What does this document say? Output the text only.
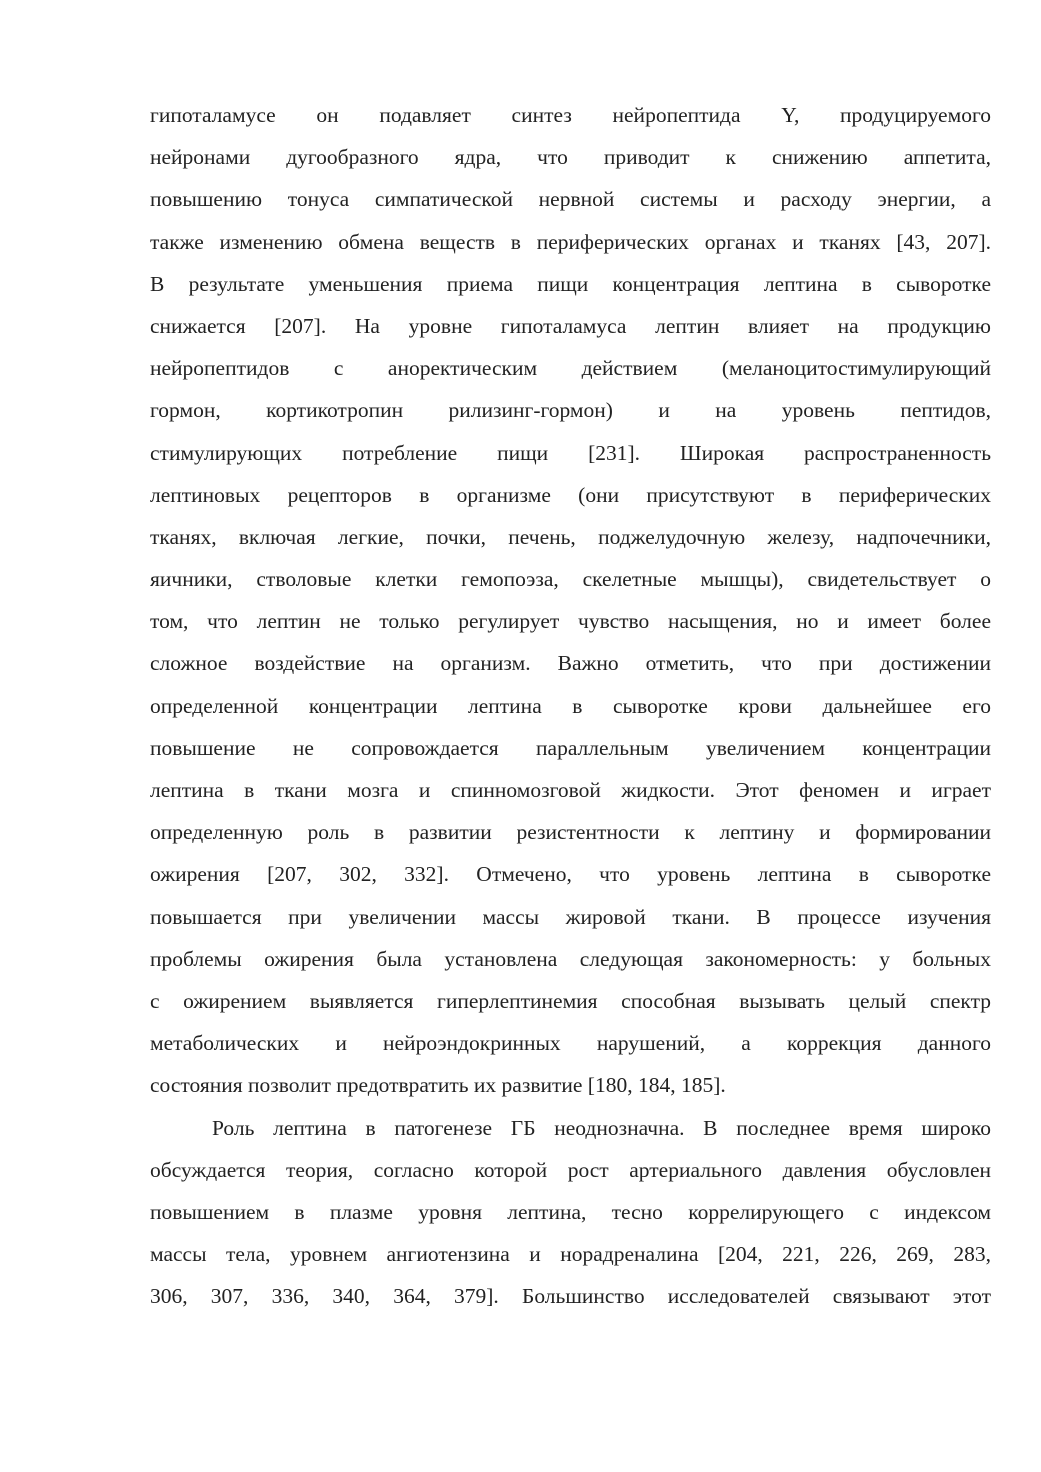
гипоталамусе он подавляет синтез нейропептида Y, продуцируемого
нейронами дугообразного ядра, что приводит к снижению аппетита,
повышению тонуса симпатической нервной системы и расходу энергии, а
также изменению обмена веществ в периферических органах и тканях [43, 207].
В результате уменьшения приема пищи концентрация лептина в сыворотке
снижается [207]. На уровне гипоталамуса лептин влияет на продукцию
нейропептидов с аноректическим действием (меланоцитостимулирующий
гормон, кортикотропин рилизинг-гормон) и на уровень пептидов,
стимулирующих потребление пищи [231]. Широкая распространенность
лептиновых рецепторов в организме (они присутствуют в периферических
тканях, включая легкие, почки, печень, поджелудочную железу, надпочечники,
яичники, стволовые клетки гемопоэза, скелетные мышцы), свидетельствует о
том, что лептин не только регулирует чувство насыщения, но и имеет более
сложное воздействие на организм. Важно отметить, что при достижении
определенной концентрации лептина в сыворотке крови дальнейшее его
повышение не сопровождается параллельным увеличением концентрации
лептина в ткани мозга и спинномозговой жидкости. Этот феномен и играет
определенную роль в развитии резистентности к лептину и формировании
ожирения [207, 302, 332]. Отмечено, что уровень лептина в сыворотке
повышается при увеличении массы жировой ткани. В процессе изучения
проблемы ожирения была установлена следующая закономерность: у больных
с ожирением выявляется гиперлептинемия способная вызывать целый спектр
метаболических и нейроэндокринных нарушений, а коррекция данного
состояния позволит предотвратить их развитие [180, 184, 185].
Роль лептина в патогенезе ГБ неоднозначна. В последнее время широко
обсуждается теория, согласно которой рост артериального давления обусловлен
повышением в плазме уровня лептина, тесно коррелирующего с индексом
массы тела, уровнем ангиотензина и норадреналина [204, 221, 226, 269, 283,
306, 307, 336, 340, 364, 379]. Большинство исследователей связывают этот
